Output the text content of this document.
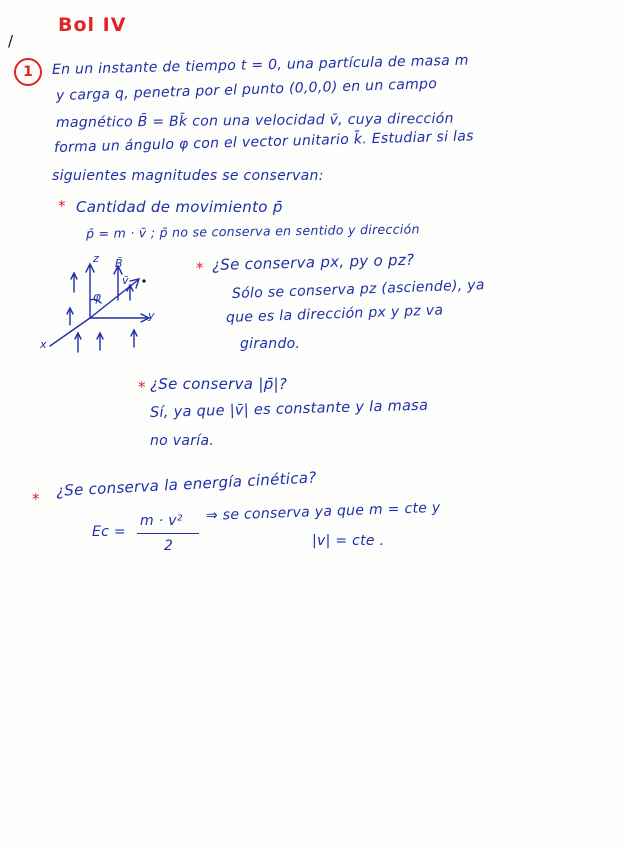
Bol IV
/
1	En un instante de tiempo t = 0, una partícula de masa m
y carga q, penetra por el punto (0,0,0) en un campo
magnético B̄ = Bk̄ con una velocidad v̄, cuya dirección
forma un ángulo φ con el vector unitario k̄. Estudiar si las
siguientes magnitudes se conservan:
* Cantidad de movimiento p̄
p̄ = m · v̄ ; p̄ no se conserva en sentido y dirección
* ¿Se conserva px, py o pz?
Sólo se conserva pz (asciende), ya
que es la dirección px y pz va
girando.
z
y
x
B̄
v̄
φ
* ¿Se conserva |p̄|?
Sí, ya que |v̄| es constante y la masa
no varía.
* ¿Se conserva la energía cinética?
Ec =
m · v²
2
⇒ se conserva ya que m = cte y
|v| = cte .
